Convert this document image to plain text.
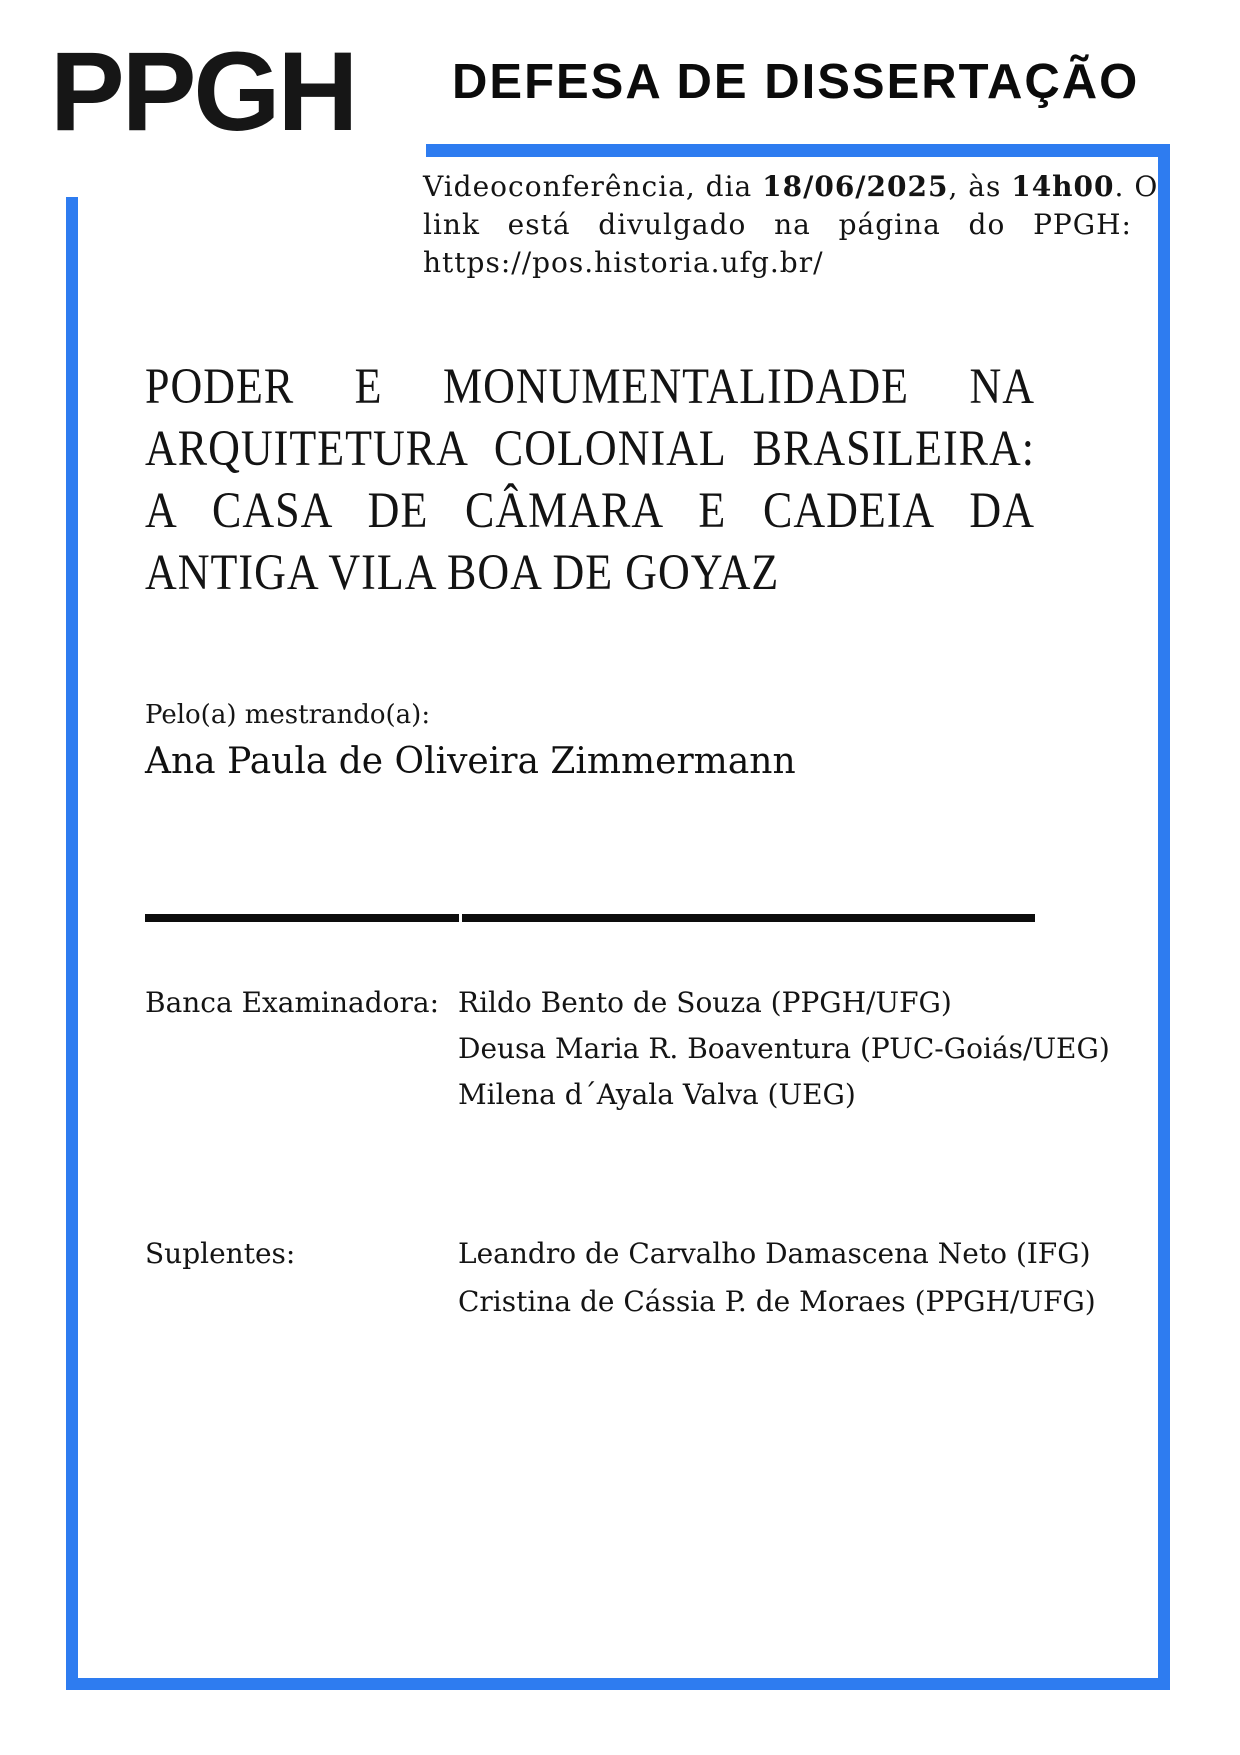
PPGH DEFESA DE DISSERTAÇÃO
Videoconferência, dia 18/06/2025, às 14h00. O
link está divulgado na página do PPGH:
https://pos.historia.ufg.br/
PODER E MONUMENTALIDADE NA
ARQUITETURA COLONIAL BRASILEIRA:
A CASA DE CÂMARA E CADEIA DA
ANTIGA VILA BOA DE GOYAZ
Pelo(a) mestrando(a):
Ana Paula de Oliveira Zimmermann
Banca Examinadora: Rildo Bento de Souza (PPGH/UFG)
Deusa Maria R. Boaventura (PUC-Goiás/UEG)
Milena d´Ayala Valva (UEG)
Suplentes:	Leandro de Carvalho Damascena Neto (IFG)
Cristina de Cássia P. de Moraes (PPGH/UFG)
